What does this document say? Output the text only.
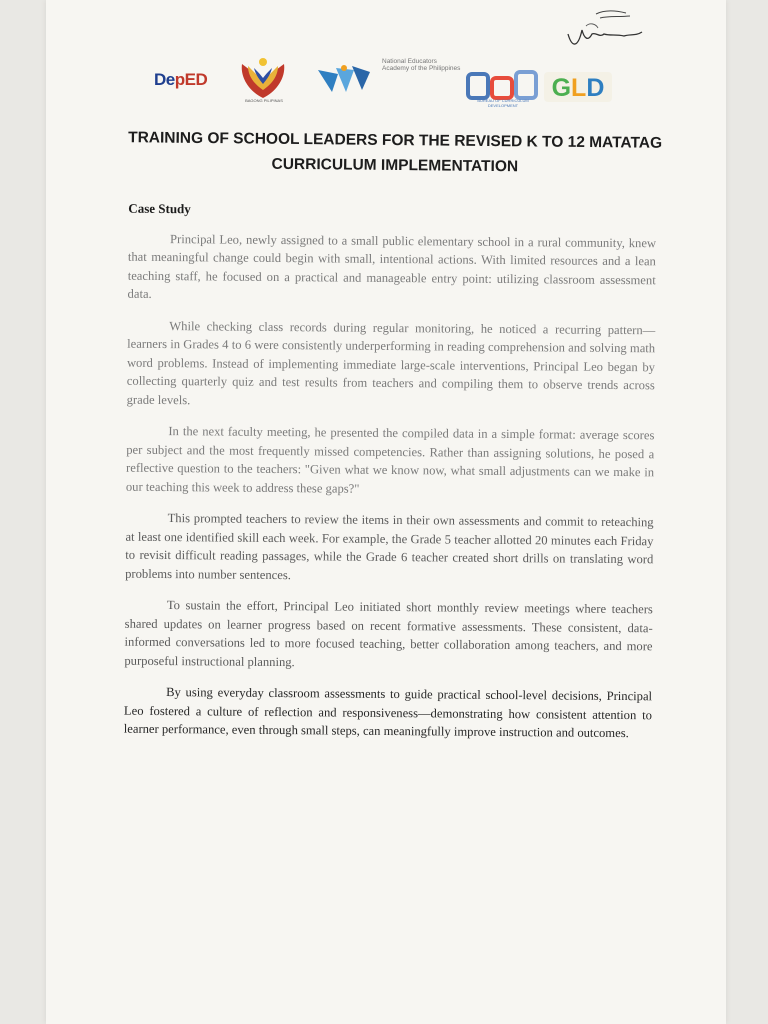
DepED
BAGONG PILIPINAS
National Educators Academy of the Philippines
BUREAU OF CURRICULUM DEVELOPMENT
GLD
TRAINING OF SCHOOL LEADERS FOR THE REVISED K TO 12 MATATAG CURRICULUM IMPLEMENTATION
Case Study

Principal Leo, newly assigned to a small public elementary school in a rural community, knew that meaningful change could begin with small, intentional actions. With limited resources and a lean teaching staff, he focused on a practical and manageable entry point: utilizing classroom assessment data.

While checking class records during regular monitoring, he noticed a recurring pattern—learners in Grades 4 to 6 were consistently underperforming in reading comprehension and solving math word problems. Instead of implementing immediate large-scale interventions, Principal Leo began by collecting quarterly quiz and test results from teachers and compiling them to observe trends across grade levels.

In the next faculty meeting, he presented the compiled data in a simple format: average scores per subject and the most frequently missed competencies. Rather than assigning solutions, he posed a reflective question to the teachers: "Given what we know now, what small adjustments can we make in our teaching this week to address these gaps?"

This prompted teachers to review the items in their own assessments and commit to reteaching at least one identified skill each week. For example, the Grade 5 teacher allotted 20 minutes each Friday to revisit difficult reading passages, while the Grade 6 teacher created short drills on translating word problems into number sentences.

To sustain the effort, Principal Leo initiated short monthly review meetings where teachers shared updates on learner progress based on recent formative assessments. These consistent, data-informed conversations led to more focused teaching, better collaboration among teachers, and more purposeful instructional planning.

By using everyday classroom assessments to guide practical school-level decisions, Principal Leo fostered a culture of reflection and responsiveness—demonstrating how consistent attention to learner performance, even through small steps, can meaningfully improve instruction and outcomes.
